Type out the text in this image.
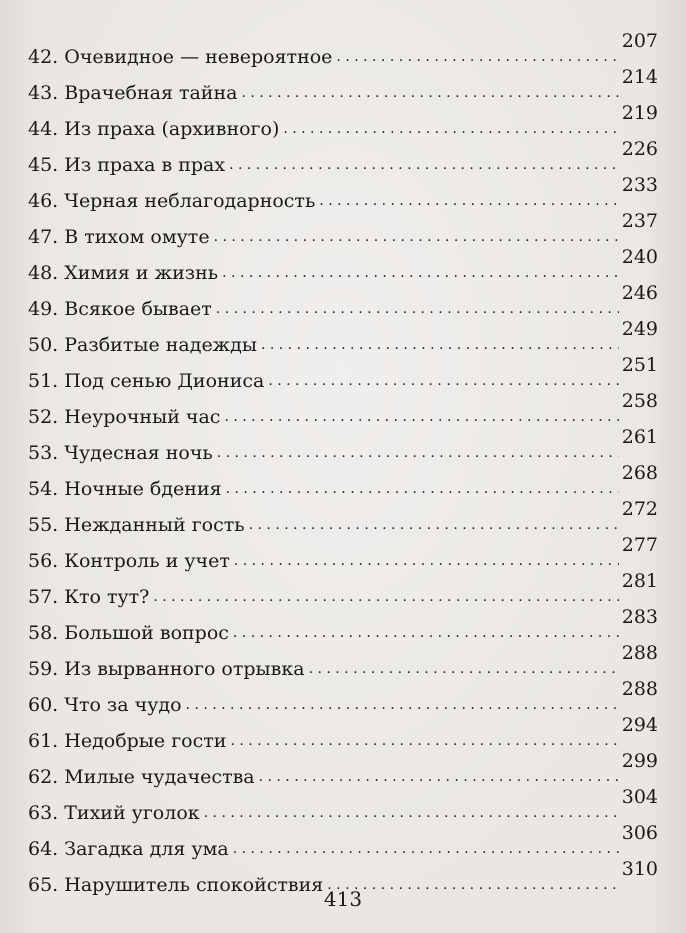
42. Очевидное — невероятное
. . .
207
43. Врачебная тайна
. . .
214
44. Из праха (архивного)
. . .
219
45. Из праха в прах
. . .
226
46. Черная неблагодарность
. . .
233
47. В тихом омуте
. . .
237
48. Химия и жизнь
. . .
240
49. Всякое бывает
. . .
246
50. Разбитые надежды
. . .
249
51. Под сенью Диониса
. . .
251
52. Неурочный час
. . .
258
53. Чудесная ночь
. . .
261
54. Ночные бдения
. . .
268
55. Нежданный гость
. . .
272
56. Контроль и учет
. . .
277
57. Кто тут?
. . .
281
58. Большой вопрос
. . .
283
59. Из вырванного отрывка
. . .
288
60. Что за чудо
. . .
288
61. Недобрые гости
. . .
294
62. Милые чудачества
. . .
299
63. Тихий уголок
. . .
304
64. Загадка для ума
. . .
306
65. Нарушитель спокойствия
. . .
310
413
